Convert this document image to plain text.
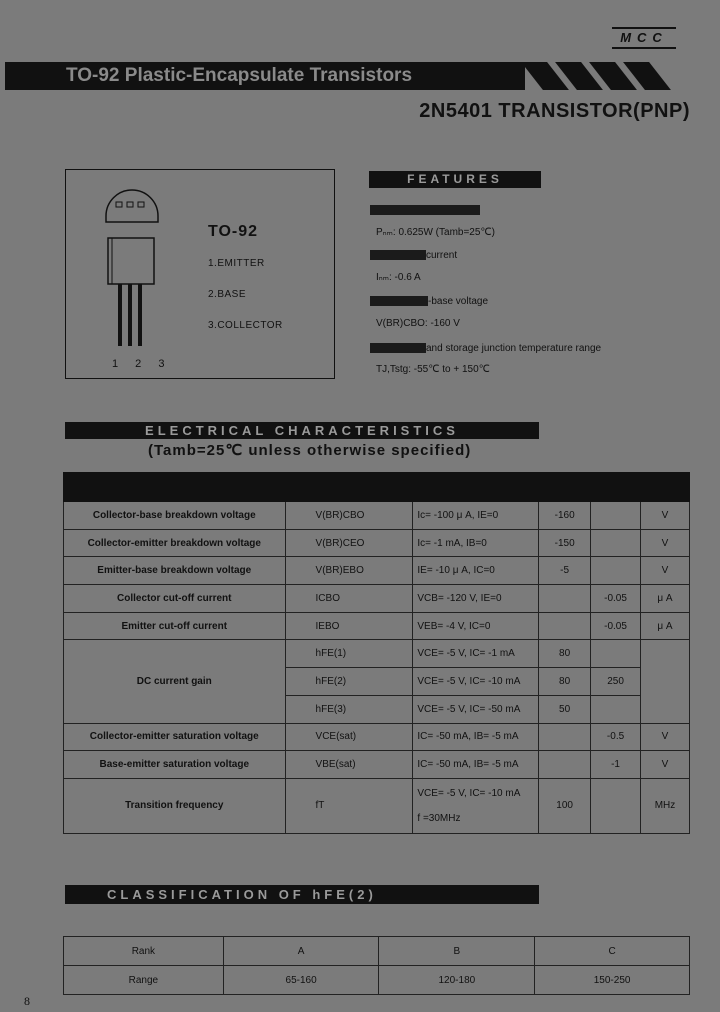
MCC
TO-92 Plastic-Encapsulate Transistors
2N5401 TRANSISTOR(PNP)
1 2 3
TO-92
1.EMITTER
2.BASE
3.COLLECTOR
FEATURES
Pₙₘ: 0.625W (Tamb=25℃)
current
Iₙₘ: -0.6 A
-base voltage
V(BR)CBO: -160 V
and storage junction temperature range
TJ,Tstg: -55℃ to + 150℃
ELECTRICAL CHARACTERISTICS
(Tamb=25℃ unless otherwise specified)

Collector-base breakdown voltage	V(BR)CBO	Ic= -100 μ A, IE=0	-160		V
Collector-emitter breakdown voltage	V(BR)CEO	Ic= -1 mA, IB=0	-150		V
Emitter-base breakdown voltage	V(BR)EBO	IE= -10 μ A, IC=0	-5		V
Collector cut-off current	ICBO	VCB= -120 V, IE=0		-0.05	μ A
Emitter cut-off current	IEBO	VEB= -4 V, IC=0		-0.05	μ A
DC current gain	hFE(1)	VCE= -5 V, IC= -1 mA	80		
	hFE(2)	VCE= -5 V, IC= -10 mA	80	250	
	hFE(3)	VCE= -5 V, IC= -50 mA	50		
Collector-emitter saturation voltage	VCE(sat)	IC= -50 mA, IB= -5 mA		-0.5	V
Base-emitter saturation voltage	VBE(sat)	IC= -50 mA, IB= -5 mA		-1	V
Transition frequency	fT	VCE= -5 V, IC= -10 mA
f =30MHz	100		MHz
CLASSIFICATION OF hFE(2)
Rank	A	B	C
Range	65-160	120-180	150-250
8
